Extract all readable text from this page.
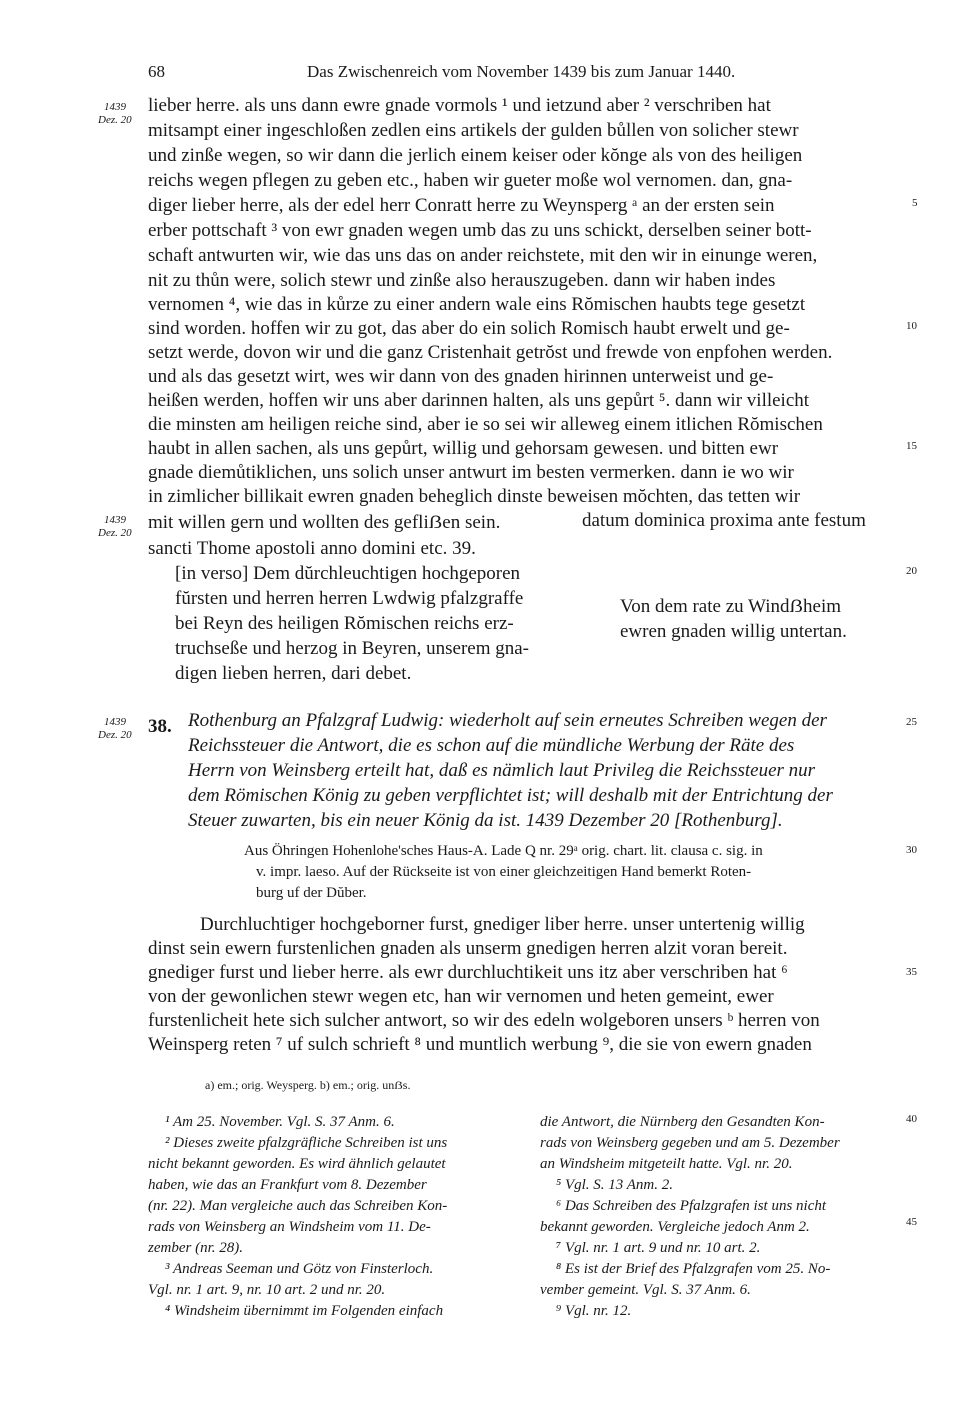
68	Das Zwischenreich vom November 1439 bis zum Januar 1440.
1439
Dez. 20
1439
Dez. 20
1439
Dez. 20
lieber herre. als uns dann ewre gnade vormols ¹ und ietzund aber ² verschriben hat
mitsampt einer ingeschloßen zedlen eins artikels der gulden bůllen von solicher stewr
und zinße wegen, so wir dann die jerlich einem keiser oder kŏnge als von des heiligen
reichs wegen pflegen zu geben etc., haben wir gueter moße wol vernomen. dan, gna-
diger lieber herre, als der edel herr Conratt herre zu Weynsperg ᵃ an der ersten sein
erber pottschaft ³ von ewr gnaden wegen umb das zu uns schickt, derselben seiner bott-
schaft antwurten wir, wie das uns das on ander reichstete, mit den wir in einunge weren,
nit zu thůn were, solich stewr und zinße also herauszugeben. dann wir haben indes
vernomen ⁴, wie das in kůrze zu einer andern wale eins Rŏmischen haubts tege gesetzt
sind worden. hoffen wir zu got, das aber do ein solich Romisch haubt erwelt und ge-
setzt werde, dovon wir und die ganz Cristenhait getrŏst und frewde von enpfohen werden.
und als das gesetzt wirt, wes wir dann von des gnaden hirinnen unterweist und ge-
heißen werden, hoffen wir uns aber darinnen halten, als uns gepůrt ⁵. dann wir villeicht
die minsten am heiligen reiche sind, aber ie so sei wir alleweg einem itlichen Rŏmischen
haubt in allen sachen, als uns gepůrt, willig und gehorsam gewesen. und bitten ewr
gnade diemůtiklichen, uns solich unser antwurt im besten vermerken. dann ie wo wir
in zimlicher billikait ewren gnaden beheglich dinste beweisen mŏchten, das tetten wir
mit willen gern und wollten des gefliẞen sein.	datum dominica proxima ante festum
sancti Thome apostoli anno domini etc. 39.
[in verso] Dem dŭrchleuchtigen hochgeporen
fŭrsten und herren herren Lwdwig pfalzgraffe
bei Reyn des heiligen Rŏmischen reichs erz-
truchseße und herzog in Beyren, unserem gna-
digen lieben herren, dari debet.
Von dem rate zu Windẞheim
ewren gnaden willig untertan.
38. Rothenburg an Pfalzgraf Ludwig: wiederholt auf sein erneutes Schreiben wegen der
Reichssteuer die Antwort, die es schon auf die mündliche Werbung der Räte des
Herrn von Weinsberg erteilt hat, daß es nämlich laut Privileg die Reichssteuer nur
dem Römischen König zu geben verpflichtet ist; will deshalb mit der Entrichtung der
Steuer zuwarten, bis ein neuer König da ist. 1439 Dezember 20 [Rothenburg].
Aus Öhringen Hohenlohe'sches Haus-A. Lade Q nr. 29ᵃ orig. chart. lit. clausa c. sig. in
v. impr. laeso. Auf der Rückseite ist von einer gleichzeitigen Hand bemerkt Roten-
burg uf der Dŭber.
Durchluchtiger hochgeborner furst, gnediger liber herre. unser untertenig willig
dinst sein ewern furstenlichen gnaden als unserm gnedigen herren alzit voran bereit.
gnediger furst und lieber herre. als ewr durchluchtikeit uns itz aber verschriben hat ⁶
von der gewonlichen stewr wegen etc, han wir vernomen und heten gemeint, ewer
furstenlicheit hete sich sulcher antwort, so wir des edeln wolgeboren unsers ᵇ herren von
Weinsperg reten ⁷ uf sulch schrieft ⁸ und muntlich werbung ⁹, die sie von ewern gnaden
a) em.; orig. Weysperg. b) em.; orig. unẞs.
¹ Am 25. November. Vgl. S. 37 Anm. 6.
² Dieses zweite pfalzgräfliche Schreiben ist uns
nicht bekannt geworden. Es wird ähnlich gelautet
haben, wie das an Frankfurt vom 8. Dezember
(nr. 22). Man vergleiche auch das Schreiben Kon-
rads von Weinsberg an Windsheim vom 11. De-
zember (nr. 28).
³ Andreas Seeman und Götz von Finsterloch.
Vgl. nr. 1 art. 9, nr. 10 art. 2 und nr. 20.
⁴ Windsheim übernimmt im Folgenden einfach
die Antwort, die Nürnberg den Gesandten Kon-
rads von Weinsberg gegeben und am 5. Dezember
an Windsheim mitgeteilt hatte. Vgl. nr. 20.
⁵ Vgl. S. 13 Anm. 2.
⁶ Das Schreiben des Pfalzgrafen ist uns nicht
bekannt geworden. Vergleiche jedoch Anm 2.
⁷ Vgl. nr. 1 art. 9 und nr. 10 art. 2.
⁸ Es ist der Brief des Pfalzgrafen vom 25. No-
vember gemeint. Vgl. S. 37 Anm. 6.
⁹ Vgl. nr. 12.
5
10
15
20
25
30
35
40
45
